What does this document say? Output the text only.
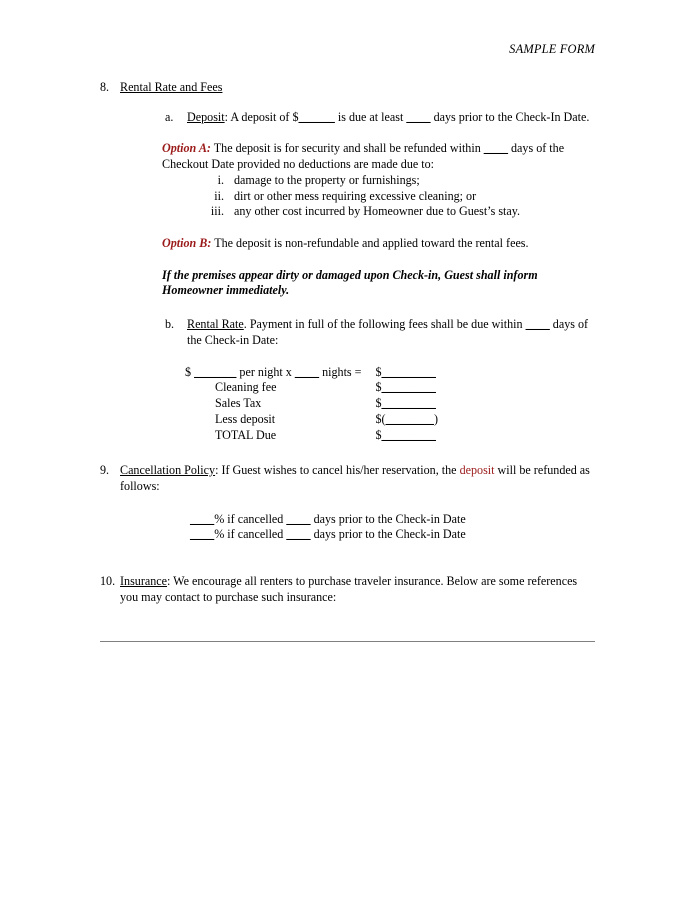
SAMPLE FORM
8. Rental Rate and Fees
a. Deposit: A deposit of $______ is due at least ____ days prior to the Check-In Date.
Option A: The deposit is for security and shall be refunded within ____ days of the Checkout Date provided no deductions are made due to:
i. damage to the property or furnishings;
ii. dirt or other mess requiring excessive cleaning; or
iii. any other cost incurred by Homeowner due to Guest’s stay.
Option B: The deposit is non-refundable and applied toward the rental fees.
If the premises appear dirty or damaged upon Check-in, Guest shall inform Homeowner immediately.
b. Rental Rate. Payment in full of the following fees shall be due within ____ days of the Check-in Date:
$ _______ per night x ____ nights =	$_________
Cleaning fee	$_________
Sales Tax	$_________
Less deposit	$(________)
TOTAL Due	$_________
9. Cancellation Policy: If Guest wishes to cancel his/her reservation, the deposit will be refunded as follows:
____% if cancelled ____ days prior to the Check-in Date
____% if cancelled ____ days prior to the Check-in Date
10. Insurance: We encourage all renters to purchase traveler insurance. Below are some references you may contact to purchase such insurance:
